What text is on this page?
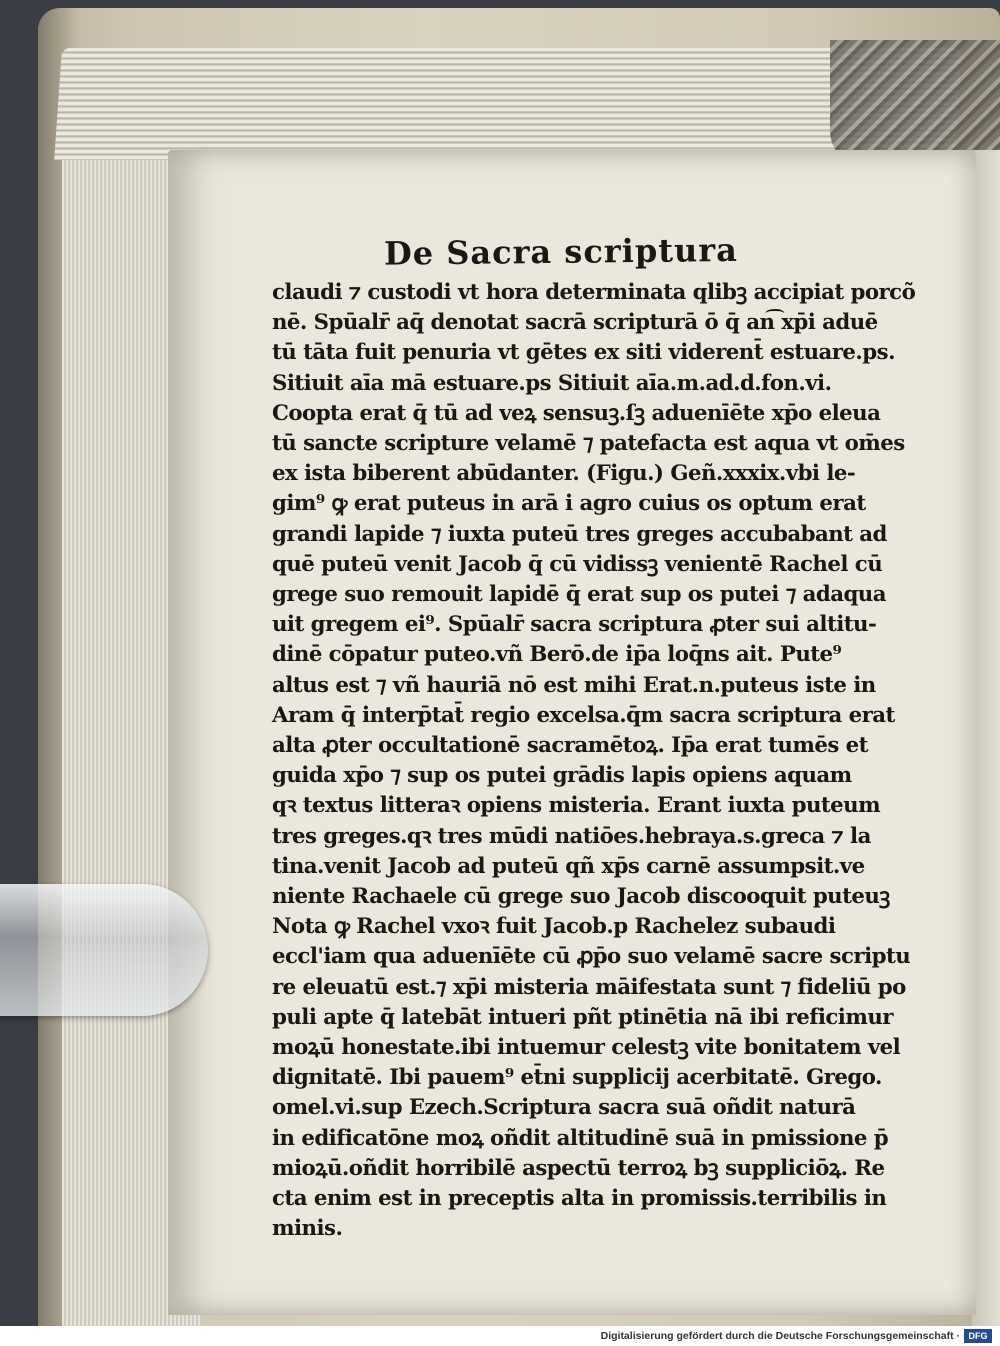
De Sacra scriptura
claudi ⁊ custodi vt hora determinata qlibꝫ accipiat porcõ
nē. Spūalr̄ aq̄ denotat sacrā scripturā ō q̄ an͡ xp̄i aduē
tū tāta fuit penuria vt gētes ex siti viderent̄ estuare.ps.
Sitiuit aīa mā estuare.ps Sitiuit aīa.m.ad.d.fon.vi.
Coopta erat q̄ tū ad veꝝ sensuꝫ.ſꝫ aduenīēte xp̄o eleua
tū sancte scripture velamē ⁊ patefacta est aqua vt om̄es
ex ista biberent abūdanter. (Figu.) Geñ.xxxix.vbi le-
gim⁹ ꝙ erat puteus in arā i agro cuius os optum erat
grandi lapide ⁊ iuxta puteū tres greges accubabant ad
quē puteū venit Jacob q̄ cū vidissꝫ venientē Rachel cū
grege suo remouit lapidē q̄ erat sup os putei ⁊ adaqua
uit gregem ei⁹. Spūalr̄ sacra scriptura ꝓter sui altitu-
dinē cōpatur puteo.vñ Berō.de ip̄a loq̄ns ait. Pute⁹
altus est ⁊ vñ hauriā nō est mihi Erat.n.puteus iste in
Aram q̄ interp̄tat̄ regio excelsa.q̄m sacra scriptura erat
alta ꝓter occultationē sacramētoꝝ. Ip̄a erat tumēs et
guida xp̄o ⁊ sup os putei grādis lapis opiens aquam
qꝛ textus litteraꝛ opiens misteria. Erant iuxta puteum
tres greges.qꝛ tres mūdi natiōes.hebraya.s.greca ⁊ la
tina.venit Jacob ad puteū qñ xp̄s carnē assumpsit.ve
niente Rachaele cū grege suo Jacob discooquit puteuꝫ
Nota ꝙ Rachel vxoꝛ fuit Jacob.p Rachelez subaudi
eccl'iam qua aduenīēte cū ꝓp̄o suo velamē sacre scriptu
re eleuatū est.⁊ xp̄i misteria māifestata sunt ⁊ fideliū po
puli apte q̄ latebāt intueri pñt ptinētia nā ibi reficimur
moꝝū honestate.ibi intuemur celestꝫ vite bonitatem vel
dignitatē. Ibi pauem⁹ et̄ni supplicij acerbitatē. Grego.
omel.vi.sup Ezech.Scriptura sacra suā oñdit naturā
in edificatōne moꝝ oñdit altitudinē suā in pmissione p̄
mioꝝū.oñdit horribilē aspectū terroꝝ bꝫ suppliciōꝝ. Re
cta enim est in preceptis alta in promissis.terribilis in
minis.
Digitalisierung gefördert durch die Deutsche Forschungsgemeinschaft · DFG
